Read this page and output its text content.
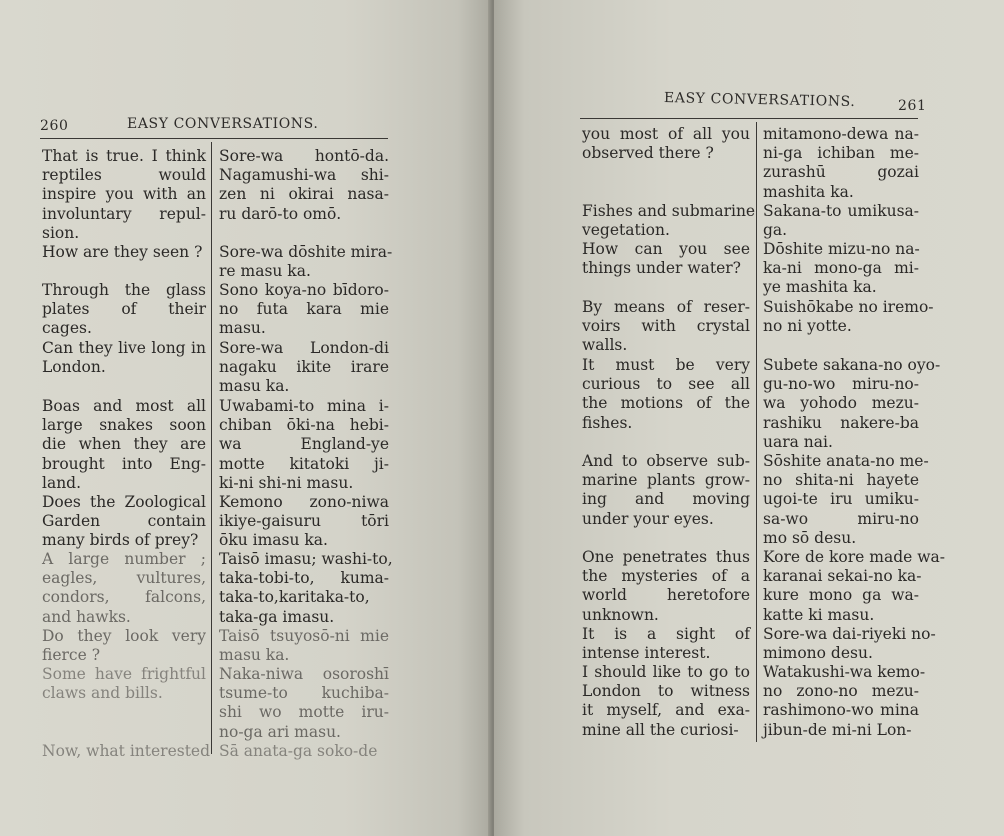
260	EASY CONVERSATIONS.
That is true. I think
reptiles would
inspire you with an
involuntary repul-
sion.
How are they seen ?
Through the glass
plates of their
cages.
Can they live long in
London.
Boas and most all
large snakes soon
die when they are
brought into Eng-
land.
Does the Zoological
Garden contain
many birds of prey?
A large number ;
eagles, vultures,
condors, falcons,
and hawks.
Do they look very
fierce ?
Some have frightful
claws and bills.
Now, what interested
Sore-wa hontō-da.
Nagamushi-wa shi-
zen ni okirai nasa-
ru darō-to omō.
Sore-wa dōshite mira-
re masu ka.
Sono koya-no bīdoro-
no futa kara mie
masu.
Sore-wa London-di
nagaku ikite irare
masu ka.
Uwabami-to mina i-
chiban ōki-na hebi-
wa England-ye
motte kitatoki ji-
ki-ni shi-ni masu.
Kemono zono-niwa
ikiye-gaisuru tōri
ōku imasu ka.
Taisō imasu; washi-to,
taka-tobi-to, kuma-
taka-to,karitaka-to,
taka-ga imasu.
Taisō tsuyosō-ni mie
masu ka.
Naka-niwa osoroshī
tsume-to kuchiba-
shi wo motte iru-
no-ga ari masu.
Sā anata-ga soko-de
EASY CONVERSATIONS.	261
you most of all you
observed there ?
Fishes and submarine
vegetation.
How can you see
things under water?
By means of reser-
voirs with crystal
walls.
It must be very
curious to see all
the motions of the
fishes.
And to observe sub-
marine plants grow-
ing and moving
under your eyes.
One penetrates thus
the mysteries of a
world heretofore
unknown.
It is a sight of
intense interest.
I should like to go to
London to witness
it myself, and exa-
mine all the curiosi-
mitamono-dewa na-
ni-ga ichiban me-
zurashū gozai
mashita ka.
Sakana-to umikusa-
ga.
Dōshite mizu-no na-
ka-ni mono-ga mi-
ye mashita ka.
Suishōkabe no iremo-
no ni yotte.
Subete sakana-no oyo-
gu-no-wo miru-no-
wa yohodo mezu-
rashiku nakere-ba
uara nai.
Sōshite anata-no me-
no shita-ni hayete
ugoi-te iru umiku-
sa-wo miru-no
mo sō desu.
Kore de kore made wa-
karanai sekai-no ka-
kure mono ga wa-
katte ki masu.
Sore-wa dai-riyeki no-
mimono desu.
Watakushi-wa kemo-
no zono-no mezu-
rashimono-wo mina
jibun-de mi-ni Lon-
